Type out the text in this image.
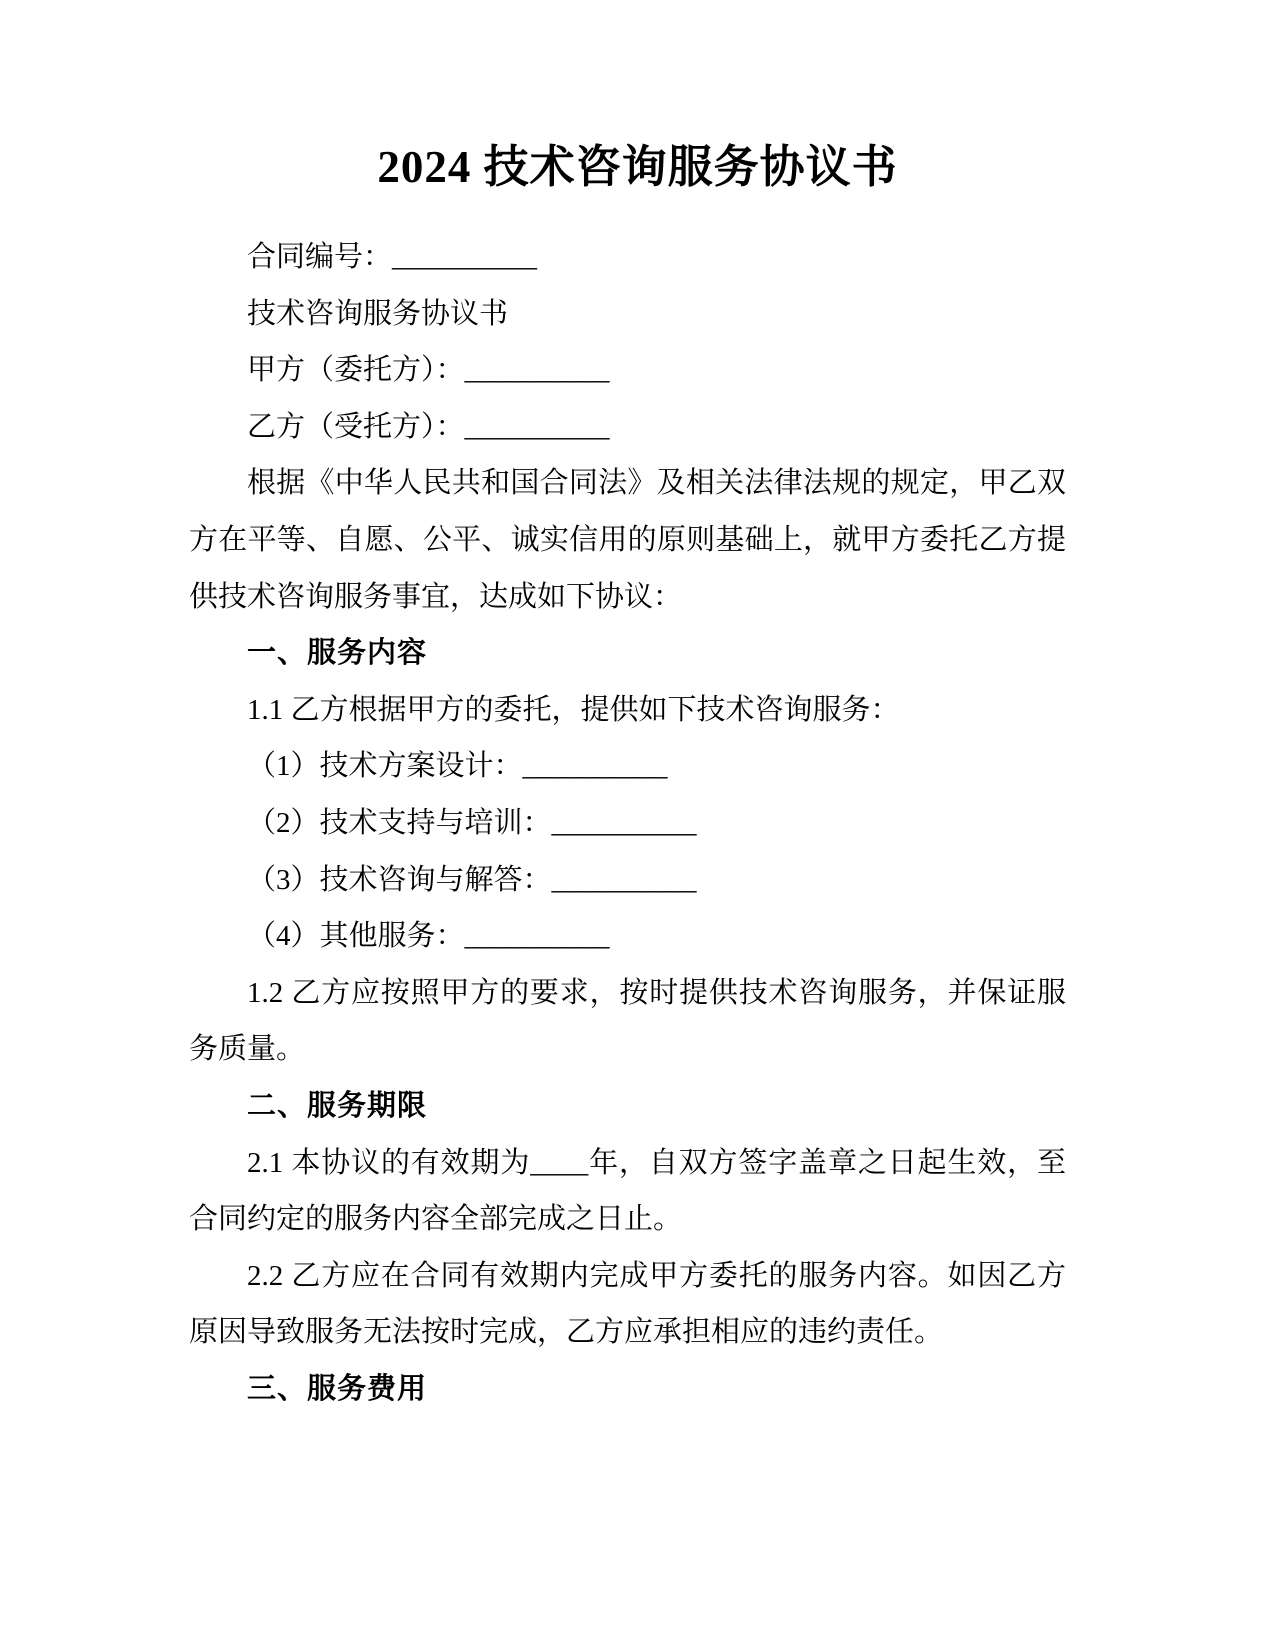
2024 技术咨询服务协议书

合同编号：__________

技术咨询服务协议书

甲方（委托方）：__________

乙方（受托方）：__________

根据《中华人民共和国合同法》及相关法律法规的规定，甲乙双方在平等、自愿、公平、诚实信用的原则基础上，就甲方委托乙方提供技术咨询服务事宜，达成如下协议：

一、服务内容

1.1 乙方根据甲方的委托，提供如下技术咨询服务：

（1）技术方案设计：__________

（2）技术支持与培训：__________

（3）技术咨询与解答：__________

（4）其他服务：__________

1.2 乙方应按照甲方的要求，按时提供技术咨询服务，并保证服务质量。

二、服务期限

2.1 本协议的有效期为____年，自双方签字盖章之日起生效，至合同约定的服务内容全部完成之日止。

2.2 乙方应在合同有效期内完成甲方委托的服务内容。如因乙方原因导致服务无法按时完成，乙方应承担相应的违约责任。

三、服务费用
